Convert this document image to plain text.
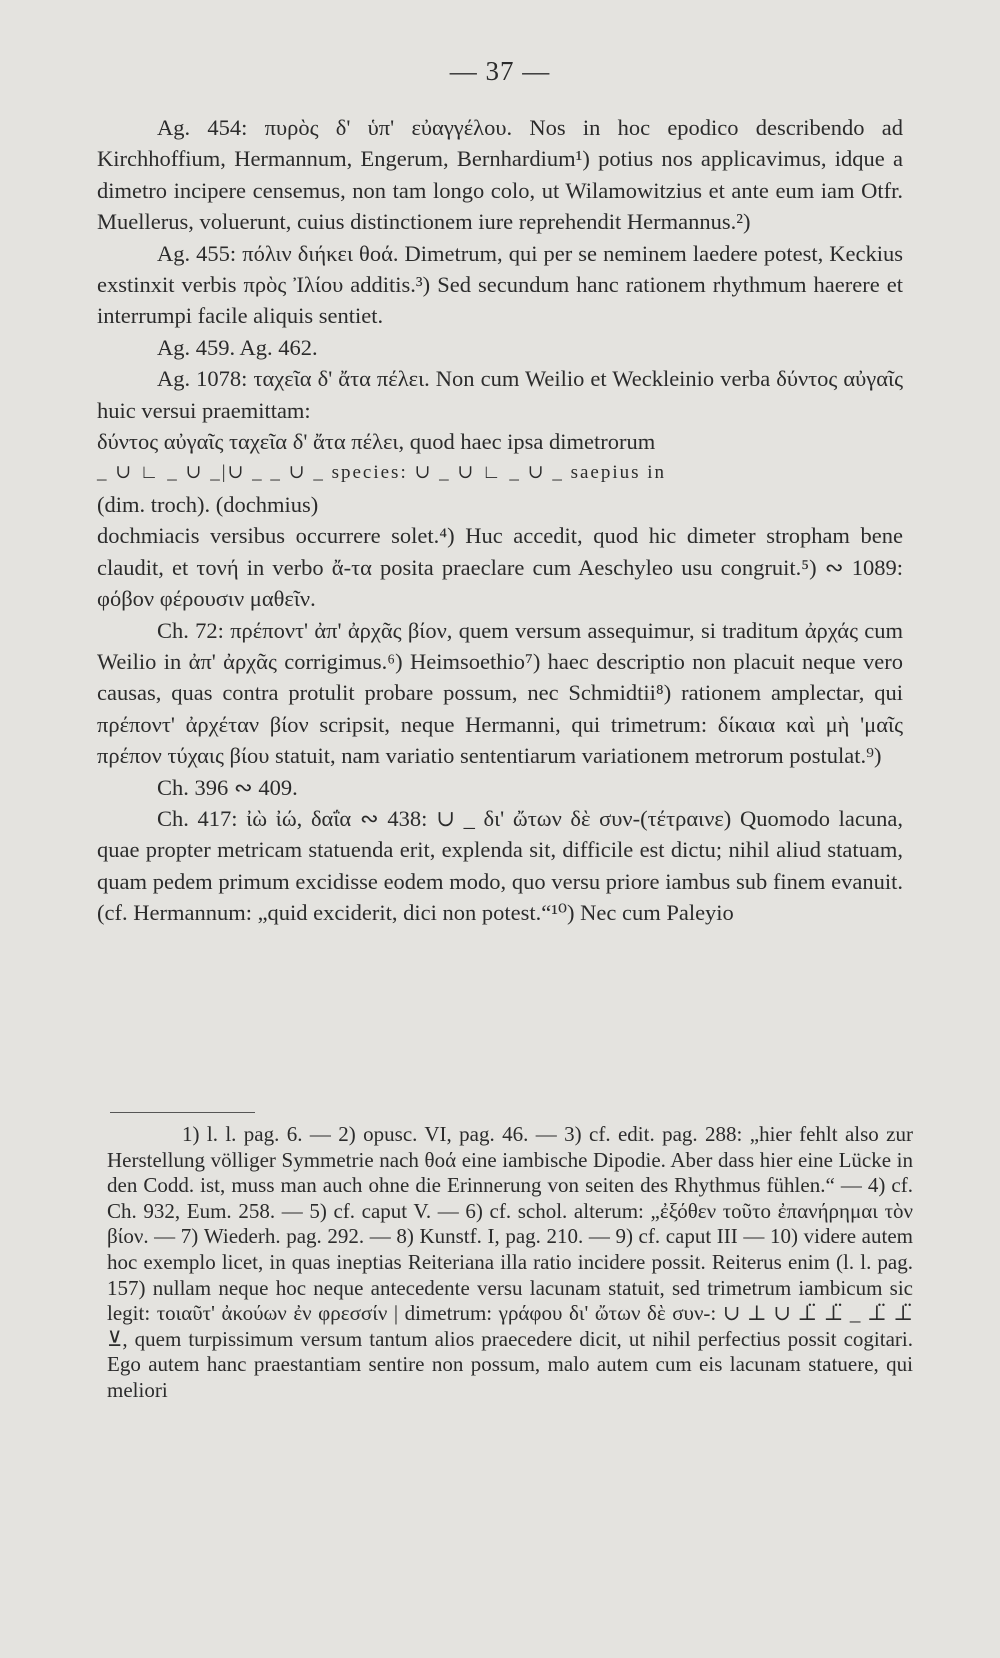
— 37 —

Ag. 454: πυρὸς δ' ὑπ' εὐαγγέλου. Nos in hoc epodico describendo ad Kirchhoffium, Hermannum, Engerum, Bernhardium¹) potius nos applicavimus, idque a dimetro incipere censemus, non tam longo colo, ut Wilamowitzius et ante eum iam Otfr. Muellerus, voluerunt, cuius distinctionem iure reprehendit Hermannus.²)

Ag. 455: πόλιν διήκει θοά. Dimetrum, qui per se neminem laedere potest, Keckius exstinxit verbis πρὸς Ἰλίου additis.³) Sed secundum hanc rationem rhythmum haerere et interrumpi facile aliquis sentiet.

Ag. 459. Ag. 462.

Ag. 1078: ταχεῖα δ' ἄτα πέλει. Non cum Weilio et Weckleinio verba δύντος αὐγαῖς huic versui praemittam:

δύντος αὐγαῖς ταχεῖα δ' ἄτα πέλει, quod haec ipsa dimetrorum

_ ∪ ∟ _ ∪ _|∪ _ _ ∪ _ species: ∪ _ ∪ ∟ _ ∪ _ saepius in

(dim. troch). (dochmius)

dochmiacis versibus occurrere solet.⁴) Huc accedit, quod hic dimeter stropham bene claudit, et τονή in verbo ἄ-τα posita praeclare cum Aeschyleo usu congruit.⁵) ∾ 1089: φόβον φέρουσιν μαθεῖν.

Ch. 72: πρέποντ' ἀπ' ἀρχᾶς βίον, quem versum assequimur, si traditum ἀρχάς cum Weilio in ἀπ' ἀρχᾶς corrigimus.⁶) Heimsoethio⁷) haec descriptio non placuit neque vero causas, quas contra protulit probare possum, nec Schmidtii⁸) rationem amplectar, qui πρέποντ' ἀρχέταν βίον scripsit, neque Hermanni, qui trimetrum: δίκαια καὶ μὴ 'μαῖς πρέπον τύχαις βίου statuit, nam variatio sententiarum variationem metrorum postulat.⁹)

Ch. 396 ∾ 409.

Ch. 417: ἰὼ ἰώ, δαΐα ∾ 438: ∪ _ δι' ὤτων δὲ συν-(τέτραινε) Quomodo lacuna, quae propter metricam statuenda erit, explenda sit, difficile est dictu; nihil aliud statuam, quam pedem primum excidisse eodem modo, quo versu priore iambus sub finem evanuit. (cf. Hermannum: „quid exciderit, dici non potest.“¹⁰) Nec cum Paleyio

1) l. l. pag. 6. — 2) opusc. VI, pag. 46. — 3) cf. edit. pag. 288: „hier fehlt also zur Herstellung völliger Symmetrie nach θοά eine iambische Dipodie. Aber dass hier eine Lücke in den Codd. ist, muss man auch ohne die Erinnerung von seiten des Rhythmus fühlen.“ — 4) cf. Ch. 932, Eum. 258. — 5) cf. caput V. — 6) cf. schol. alterum: „ἐξόθεν τοῦτο ἐπανήρημαι τὸν βίον. — 7) Wiederh. pag. 292. — 8) Kunstf. I, pag. 210. — 9) cf. caput III — 10) videre autem hoc exemplo licet, in quas ineptias Reiteriana illa ratio incidere possit. Reiterus enim (l. l. pag. 157) nullam neque hoc neque antecedente versu lacunam statuit, sed trimetrum iambicum sic legit: τοιαῦτ' ἀκούων ἐν φρεσσίν | dimetrum: γράφου δι' ὤτων δὲ συν-: ∪ ⊥ ∪ ⊥̈ ⊥̈ _ ⊥̈ ⊥̈ ⊻, quem turpissimum versum tantum alios praecedere dicit, ut nihil perfectius possit cogitari. Ego autem hanc praestantiam sentire non possum, malo autem cum eis lacunam statuere, qui meliori
